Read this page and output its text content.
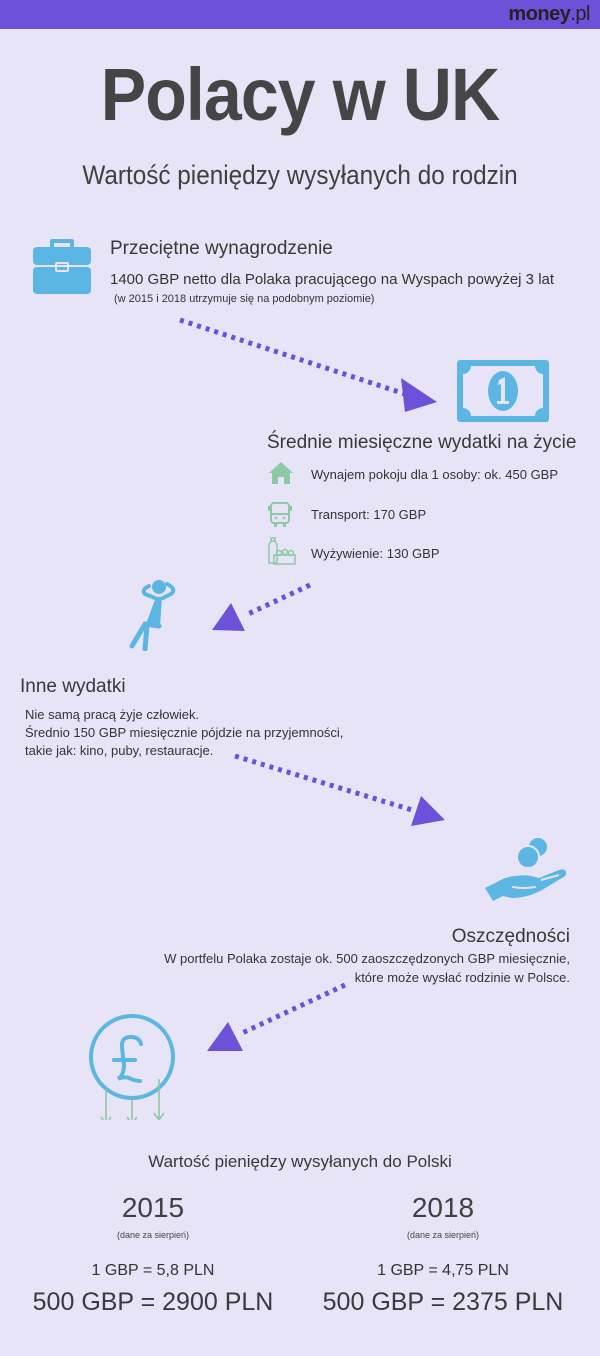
money.pl
Polacy w UK
Wartość pieniędzy wysyłanych do rodzin
Przeciętne wynagrodzenie
1400 GBP netto dla Polaka pracującego na Wyspach powyżej 3 lat
(w 2015 i 2018 utrzymuje się na podobnym poziomie)
Średnie miesięczne wydatki na życie
Wynajem pokoju dla 1 osoby: ok. 450 GBP
Transport: 170 GBP
Wyżywienie: 130 GBP
Inne wydatki
Nie samą pracą żyje człowiek.
Średnio 150 GBP miesięcznie pójdzie na przyjemności,
takie jak: kino, puby, restauracje.
Oszczędności
W portfelu Polaka zostaje ok. 500 zaoszczędzonych GBP miesięcznie,
które może wysłać rodzinie w Polsce.
Wartość pieniędzy wysyłanych do Polski
2015
(dane za sierpień)
1 GBP = 5,8 PLN
500 GBP = 2900 PLN
2018
(dane za sierpień)
1 GBP = 4,75 PLN
500 GBP = 2375 PLN
